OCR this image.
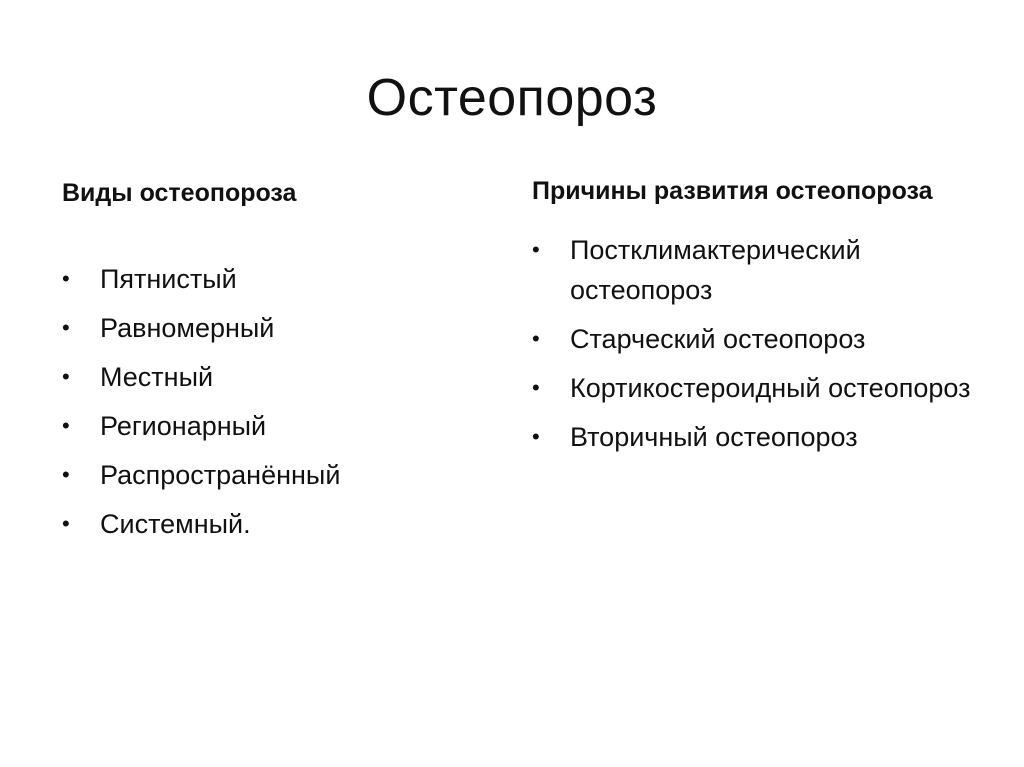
Остеопороз

Виды остеопороза

•	Пятнистый
•	Равномерный
•	Местный
•	Регионарный
•	Распространённый
•	Системный.

Причины развития остеопороза

•	Постклимактерический остеопороз
•	Старческий остеопороз
•	Кортикостероидный остеопороз
•	Вторичный остеопороз
